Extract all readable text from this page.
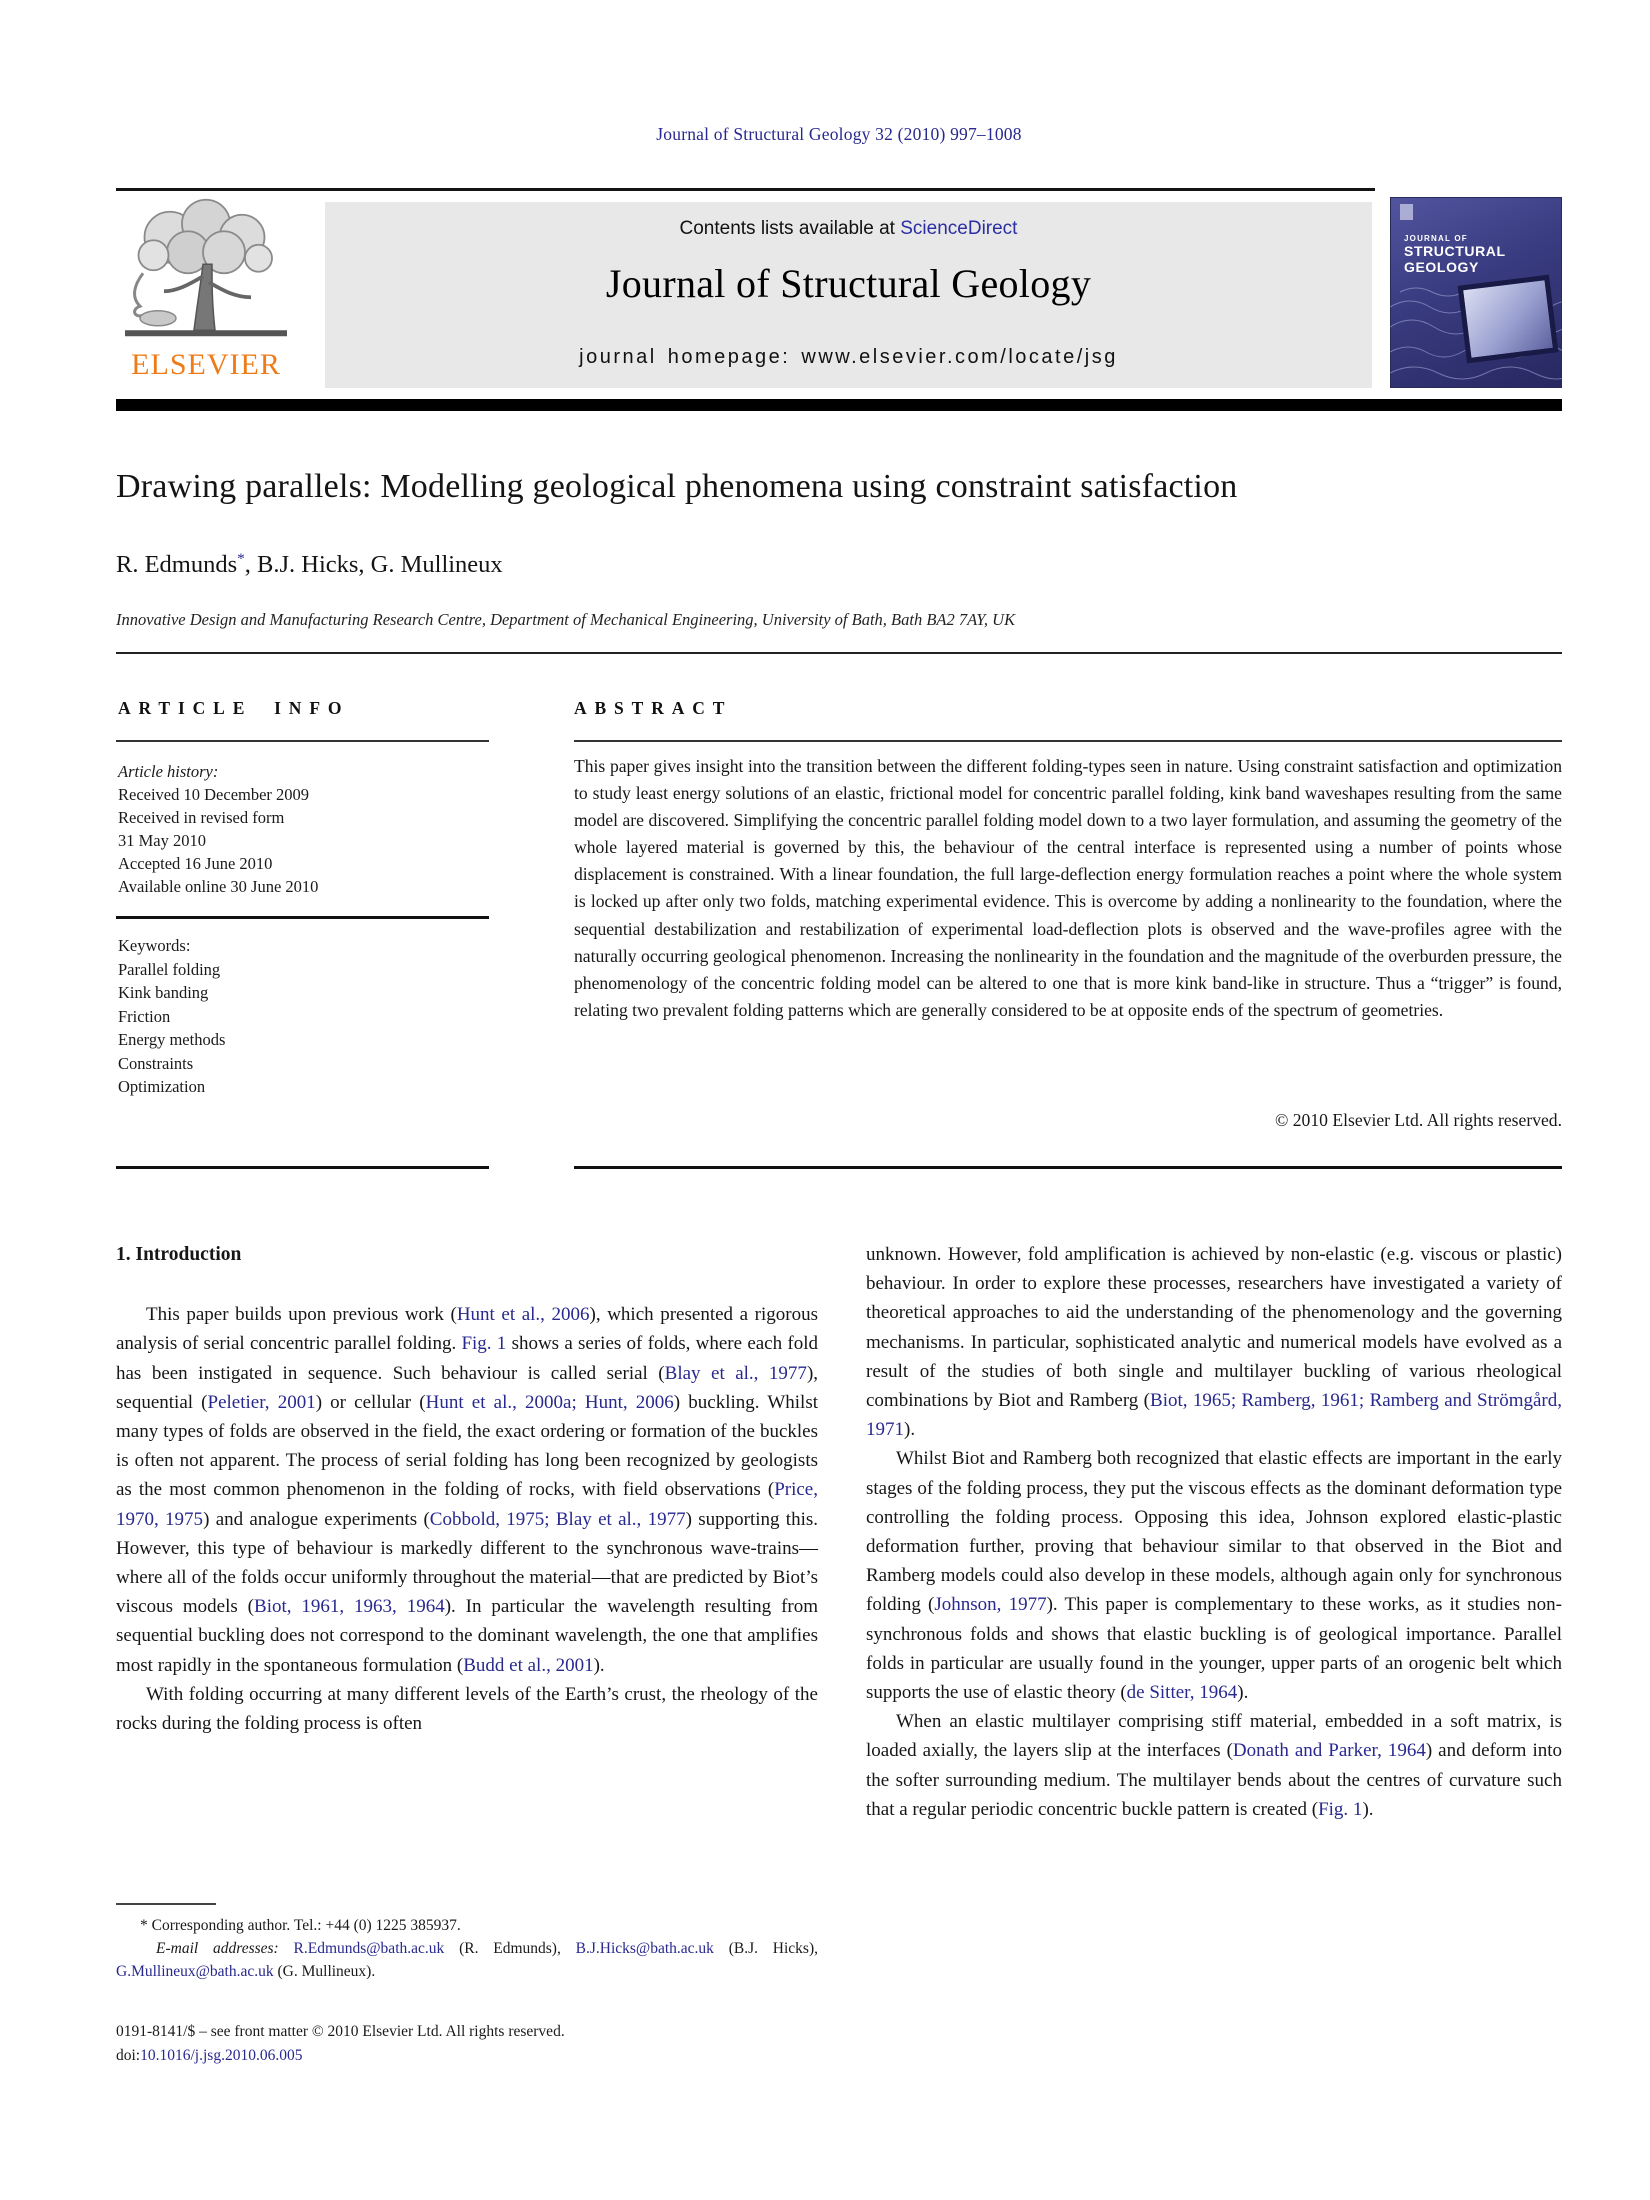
Journal of Structural Geology 32 (2010) 997–1008
ELSEVIER
Contents lists available at ScienceDirect
Journal of Structural Geology
journal homepage: www.elsevier.com/locate/jsg
JOURNAL OF
STRUCTURAL
GEOLOGY
Drawing parallels: Modelling geological phenomena using constraint satisfaction
R. Edmunds*, B.J. Hicks, G. Mullineux
Innovative Design and Manufacturing Research Centre, Department of Mechanical Engineering, University of Bath, Bath BA2 7AY, UK
ARTICLE INFO	ABSTRACT
Article history:
Received 10 December 2009
Received in revised form
31 May 2010
Accepted 16 June 2010
Available online 30 June 2010
Keywords:
Parallel folding
Kink banding
Friction
Energy methods
Constraints
Optimization
This paper gives insight into the transition between the different folding-types seen in nature. Using constraint satisfaction and optimization to study least energy solutions of an elastic, frictional model for concentric parallel folding, kink band waveshapes resulting from the same model are discovered. Simplifying the concentric parallel folding model down to a two layer formulation, and assuming the geometry of the whole layered material is governed by this, the behaviour of the central interface is represented using a number of points whose displacement is constrained. With a linear foundation, the full large-deflection energy formulation reaches a point where the whole system is locked up after only two folds, matching experimental evidence. This is overcome by adding a nonlinearity to the foundation, where the sequential destabilization and restabilization of experimental load-deflection plots is observed and the wave-profiles agree with the naturally occurring geological phenomenon. Increasing the nonlinearity in the foundation and the magnitude of the overburden pressure, the phenomenology of the concentric folding model can be altered to one that is more kink band-like in structure. Thus a “trigger” is found, relating two prevalent folding patterns which are generally considered to be at opposite ends of the spectrum of geometries.
© 2010 Elsevier Ltd. All rights reserved.
1. Introduction

This paper builds upon previous work (Hunt et al., 2006), which presented a rigorous analysis of serial concentric parallel folding. Fig. 1 shows a series of folds, where each fold has been instigated in sequence. Such behaviour is called serial (Blay et al., 1977), sequential (Peletier, 2001) or cellular (Hunt et al., 2000a; Hunt, 2006) buckling. Whilst many types of folds are observed in the field, the exact ordering or formation of the buckles is often not apparent. The process of serial folding has long been recognized by geologists as the most common phenomenon in the folding of rocks, with field observations (Price, 1970, 1975) and analogue experiments (Cobbold, 1975; Blay et al., 1977) supporting this. However, this type of behaviour is markedly different to the synchronous wave-trains—where all of the folds occur uniformly throughout the material—that are predicted by Biot’s viscous models (Biot, 1961, 1963, 1964). In particular the wavelength resulting from sequential buckling does not correspond to the dominant wavelength, the one that amplifies most rapidly in the spontaneous formulation (Budd et al., 2001).

With folding occurring at many different levels of the Earth’s crust, the rheology of the rocks during the folding process is often

unknown. However, fold amplification is achieved by non-elastic (e.g. viscous or plastic) behaviour. In order to explore these processes, researchers have investigated a variety of theoretical approaches to aid the understanding of the phenomenology and the governing mechanisms. In particular, sophisticated analytic and numerical models have evolved as a result of the studies of both single and multilayer buckling of various rheological combinations by Biot and Ramberg (Biot, 1965; Ramberg, 1961; Ramberg and Strömgård, 1971).

Whilst Biot and Ramberg both recognized that elastic effects are important in the early stages of the folding process, they put the viscous effects as the dominant deformation type controlling the folding process. Opposing this idea, Johnson explored elastic-plastic deformation further, proving that behaviour similar to that observed in the Biot and Ramberg models could also develop in these models, although again only for synchronous folding (Johnson, 1977). This paper is complementary to these works, as it studies non-synchronous folds and shows that elastic buckling is of geological importance. Parallel folds in particular are usually found in the younger, upper parts of an orogenic belt which supports the use of elastic theory (de Sitter, 1964).

When an elastic multilayer comprising stiff material, embedded in a soft matrix, is loaded axially, the layers slip at the interfaces (Donath and Parker, 1964) and deform into the softer surrounding medium. The multilayer bends about the centres of curvature such that a regular periodic concentric buckle pattern is created (Fig. 1).

* Corresponding author. Tel.: +44 (0) 1225 385937.

E-mail addresses: R.Edmunds@bath.ac.uk (R. Edmunds), B.J.Hicks@bath.ac.uk (B.J. Hicks), G.Mullineux@bath.ac.uk (G. Mullineux).

0191-8141/$ – see front matter © 2010 Elsevier Ltd. All rights reserved.
doi:10.1016/j.jsg.2010.06.005
